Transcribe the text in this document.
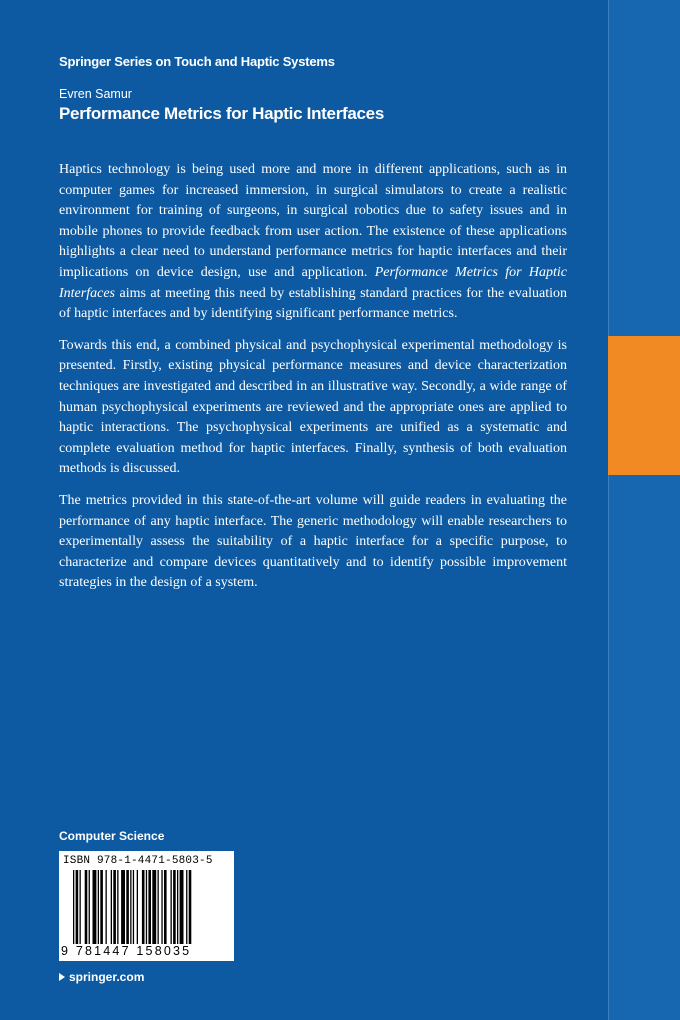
Springer Series on Touch and Haptic Systems
Evren Samur
Performance Metrics for Haptic Interfaces

Haptics technology is being used more and more in different applications, such as in computer games for increased immersion, in surgical simulators to create a realistic environment for training of surgeons, in surgical robotics due to safety issues and in mobile phones to provide feedback from user action. The existence of these applications highlights a clear need to understand performance metrics for haptic interfaces and their implications on device design, use and application. Performance Metrics for Haptic Interfaces aims at meeting this need by establishing standard practices for the evaluation of haptic interfaces and by identifying significant performance metrics.

Towards this end, a combined physical and psychophysical experimental methodology is presented. Firstly, existing physical performance measures and device characterization techniques are investigated and described in an illustrative way. Secondly, a wide range of human psychophysical experiments are reviewed and the appropriate ones are applied to haptic interactions. The psychophysical experiments are unified as a systematic and complete evaluation method for haptic interfaces. Finally, synthesis of both evaluation methods is discussed.

The metrics provided in this state-of-the-art volume will guide readers in evaluating the performance of any haptic interface. The generic methodology will enable researchers to experimentally assess the suitability of a haptic interface for a specific purpose, to characterize and compare devices quantitatively and to identify possible improvement strategies in the design of a system.

Computer Science
ISBN 978-1-4471-5803-5
9 781447 158035
springer.com
